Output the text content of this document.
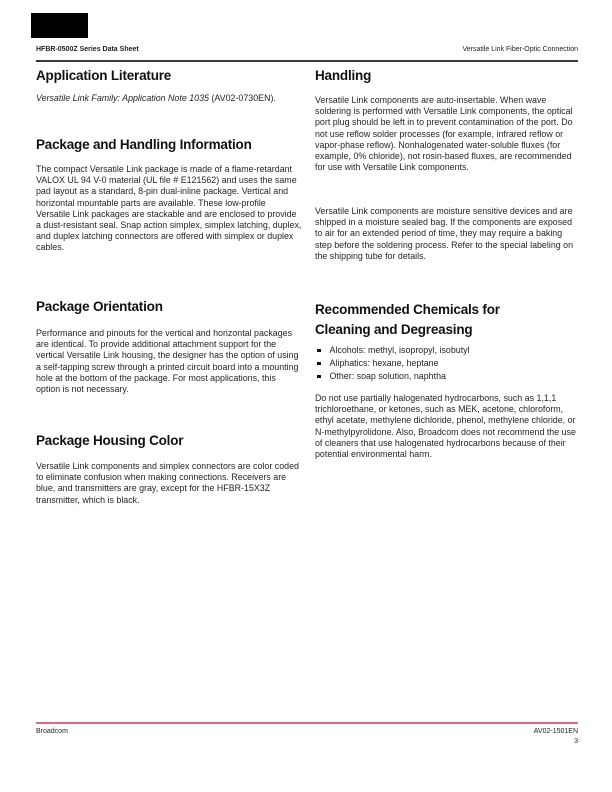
HFBR-0500Z Series Data Sheet	Versatile Link Fiber-Optic Connection
Application Literature

Versatile Link Family: Application Note 1035 (AV02-0730EN).

Package and Handling Information

The compact Versatile Link package is made of a flame-retardant VALOX UL 94 V-0 material (UL file # E121562) and uses the same pad layout as a standard, 8-pin dual-inline package. Vertical and horizontal mountable parts are available. These low-profile Versatile Link packages are stackable and are enclosed to provide a dust-resistant seal. Snap action simplex, simplex latching, duplex, and duplex latching connectors are offered with simplex or duplex cables.

Package Orientation

Performance and pinouts for the vertical and horizontal packages are identical. To provide additional attachment support for the vertical Versatile Link housing, the designer has the option of using a self-tapping screw through a printed circuit board into a mounting hole at the bottom of the package. For most applications, this option is not necessary.

Package Housing Color

Versatile Link components and simplex connectors are color coded to eliminate confusion when making connections. Receivers are blue, and transmitters are gray, except for the HFBR-15X3Z transmitter, which is black.

Handling

Versatile Link components are auto-insertable. When wave soldering is performed with Versatile Link components, the optical port plug should be left in to prevent contamination of the port. Do not use reflow solder processes (for example, infrared reflow or vapor-phase reflow). Nonhalogenated water-soluble fluxes (for example, 0% chloride), not rosin-based fluxes, are recommended for use with Versatile Link components.

Versatile Link components are moisture sensitive devices and are shipped in a moisture sealed bag. If the components are exposed to air for an extended period of time, they may require a baking step before the soldering process. Refer to the special labeling on the shipping tube for details.

Recommended Chemicals for Cleaning and Degreasing
Alcohols: methyl, isopropyl, isobutyl
Aliphatics: hexane, heptane
Other: soap solution, naphtha

Do not use partially halogenated hydrocarbons, such as 1,1,1 trichloroethane, or ketones, such as MEK, acetone, chloroform, ethyl acetate, methylene dichloride, phenol, methylene chloride, or N-methylpyrolidone. Also, Broadcom does not recommend the use of cleaners that use halogenated hydrocarbons because of their potential environmental harm.

Broadcom	AV02-1501EN
3
